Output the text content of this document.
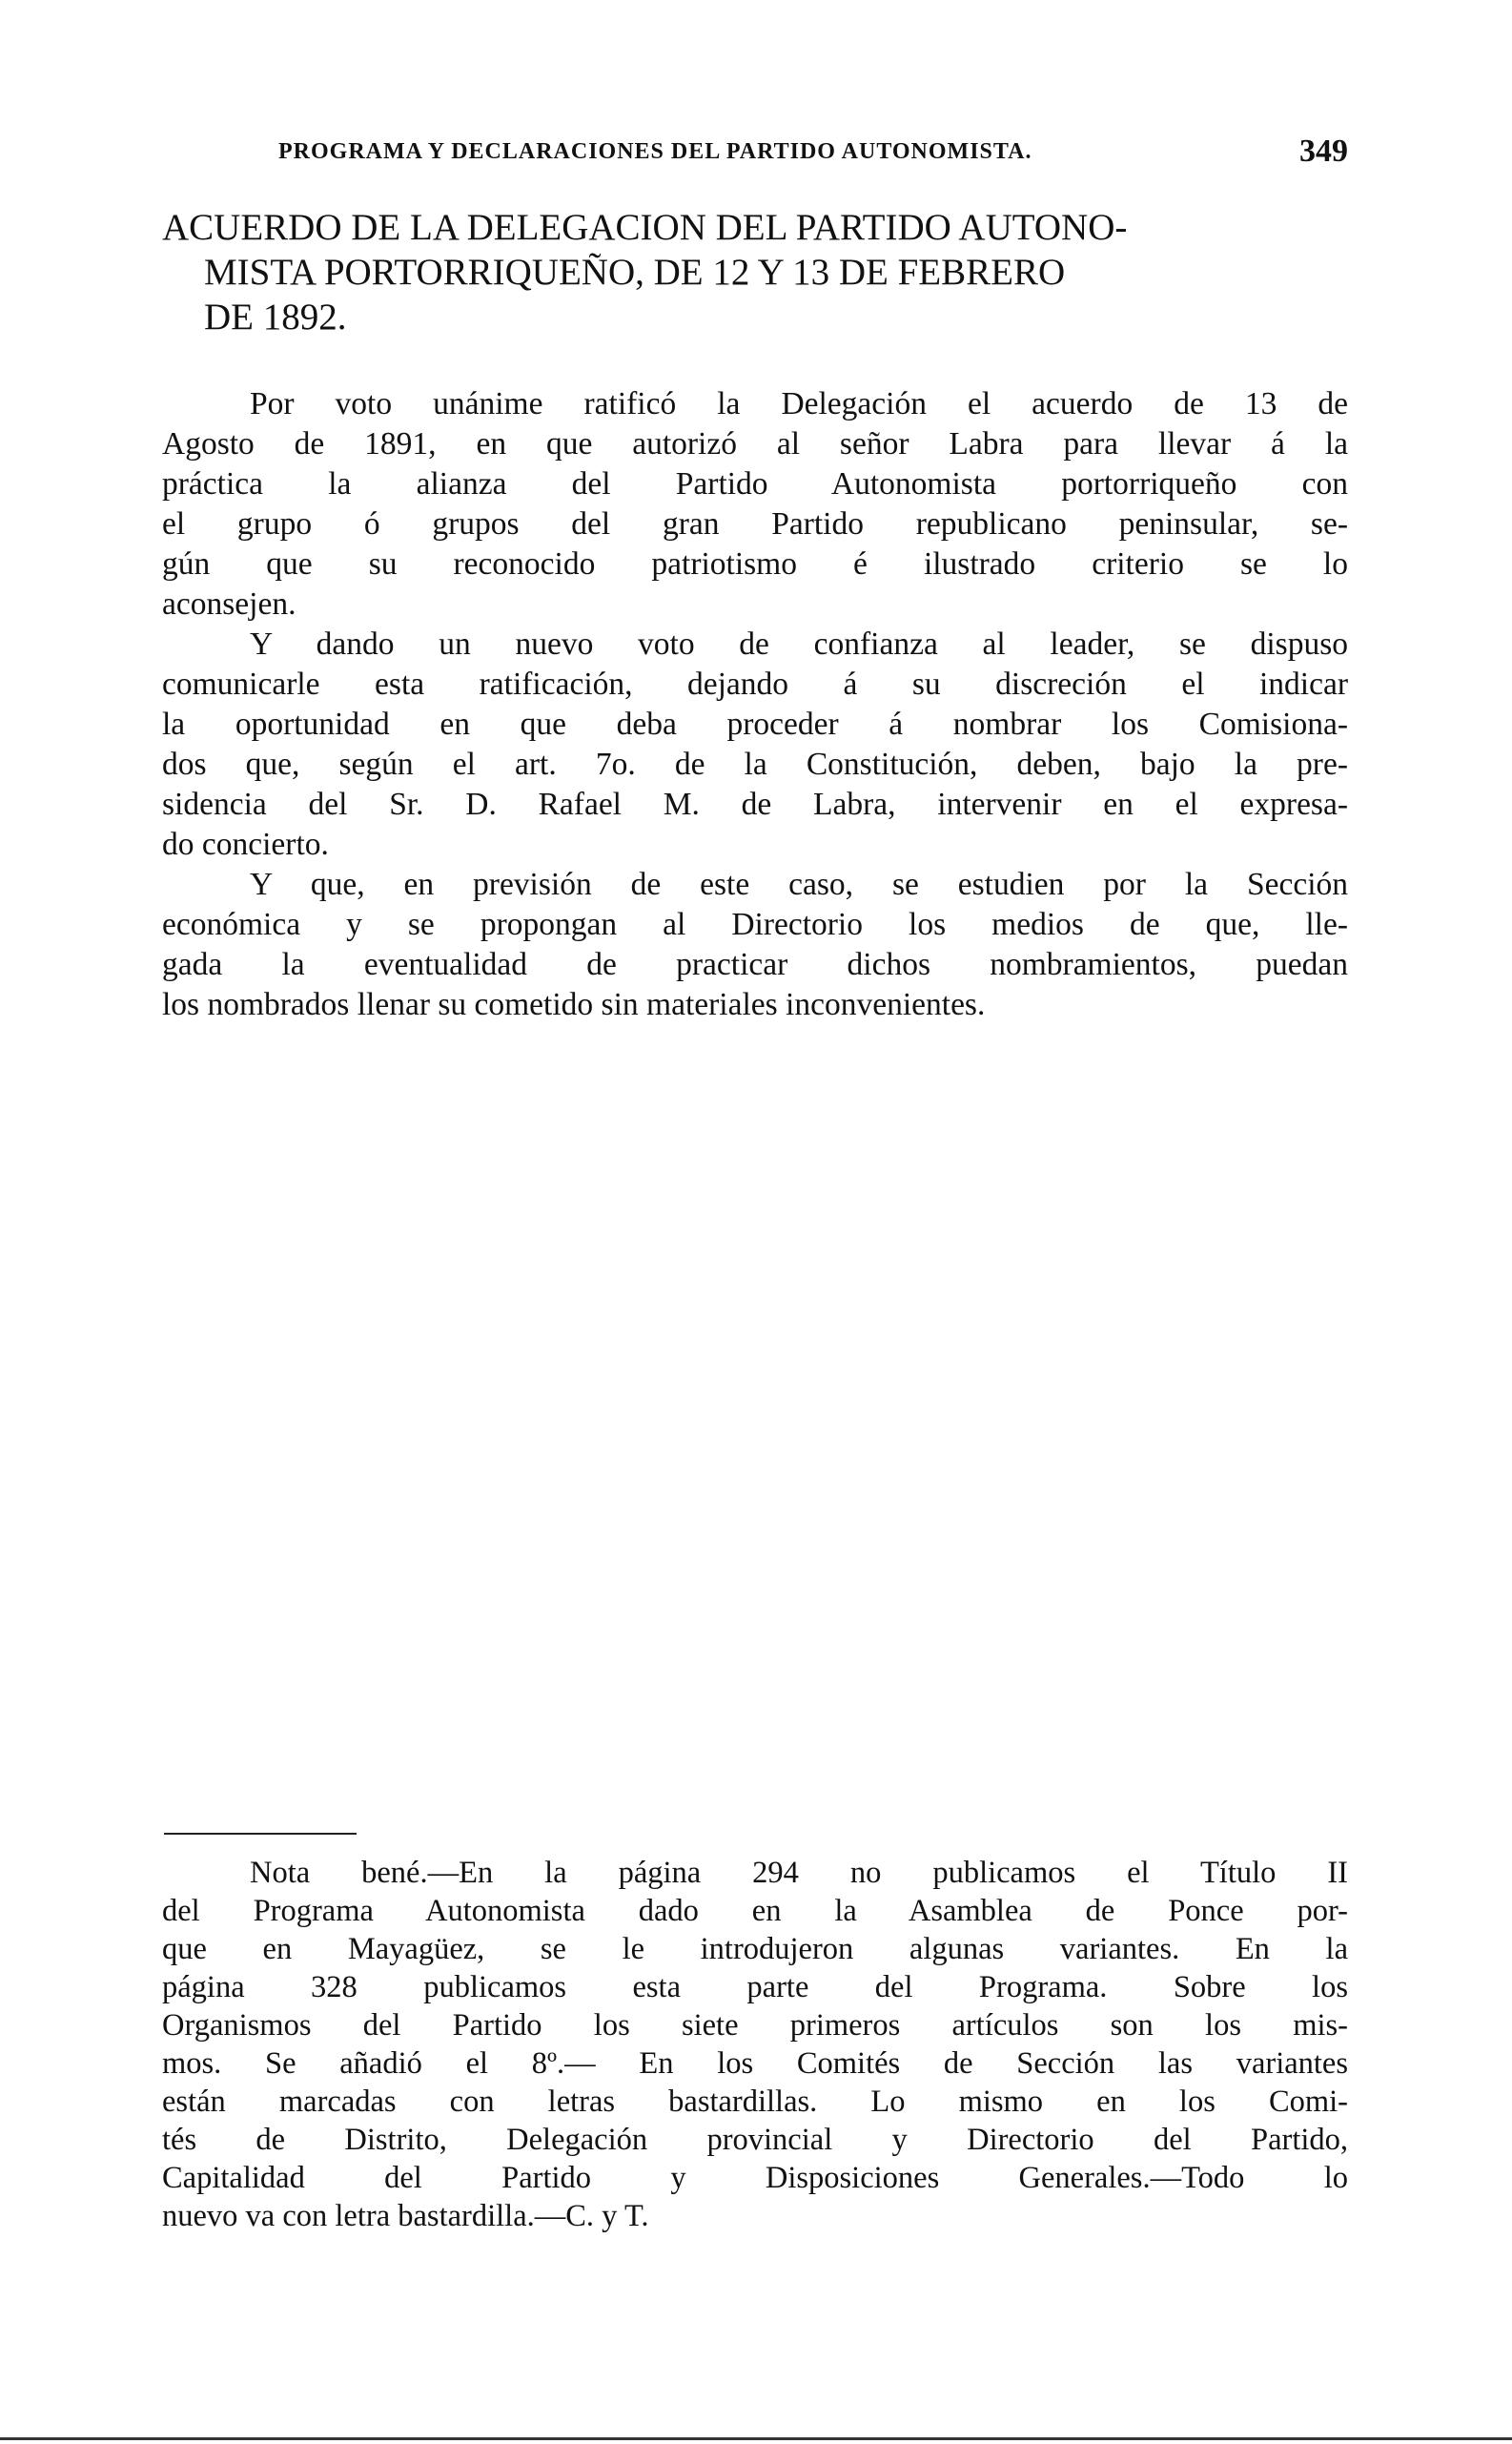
PROGRAMA Y DECLARACIONES DEL PARTIDO AUTONOMISTA.	349

ACUERDO DE LA DELEGACION DEL PARTIDO AUTONO-

MISTA PORTORRIQUEÑO, DE 12 Y 13 DE FEBRERO

DE 1892.

Por voto unánime ratificó la Delegación el acuerdo de 13 de
Agosto de 1891, en que autorizó al señor Labra para llevar á la
práctica la alianza del Partido Autonomista portorriqueño con
el grupo ó grupos del gran Partido republicano peninsular, se-
gún que su reconocido patriotismo é ilustrado criterio se lo
aconsejen.
Y dando un nuevo voto de confianza al leader, se dispuso
comunicarle esta ratificación, dejando á su discreción el indicar
la oportunidad en que deba proceder á nombrar los Comisiona-
dos que, según el art. 7o. de la Constitución, deben, bajo la pre-
sidencia del Sr. D. Rafael M. de Labra, intervenir en el expresa-
do concierto.
Y que, en previsión de este caso, se estudien por la Sección
económica y se propongan al Directorio los medios de que, lle-
gada la eventualidad de practicar dichos nombramientos, puedan
los nombrados llenar su cometido sin materiales inconvenientes.
Nota bené.—En la página 294 no publicamos el Título II
del Programa Autonomista dado en la Asamblea de Ponce por-
que en Mayagüez, se le introdujeron algunas variantes. En la
página 328 publicamos esta parte del Programa. Sobre los
Organismos del Partido los siete primeros artículos son los mis-
mos. Se añadió el 8º.— En los Comités de Sección las variantes
están marcadas con letras bastardillas. Lo mismo en los Comi-
tés de Distrito, Delegación provincial y Directorio del Partido,
Capitalidad del Partido y Disposiciones Generales.—Todo lo
nuevo va con letra bastardilla.—C. y T.
